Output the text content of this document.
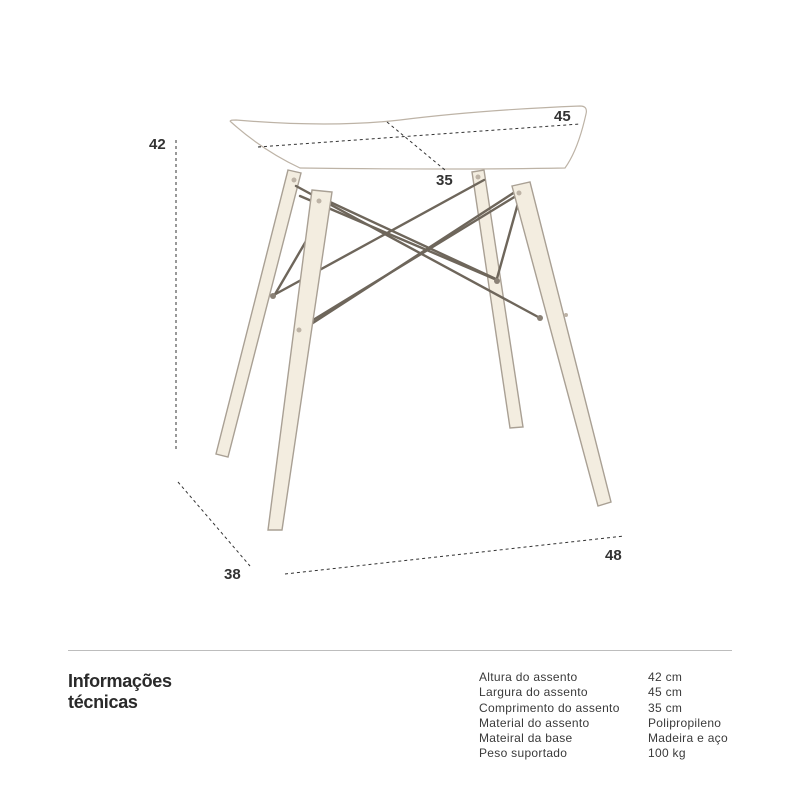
42
45
35
38
48
Informações
técnicas
Altura do assento	42 cm
Largura do assento	45 cm
Comprimento do assento	35 cm
Material do assento	Polipropileno
Mateiral da base	Madeira e aço
Peso suportado	100 kg
